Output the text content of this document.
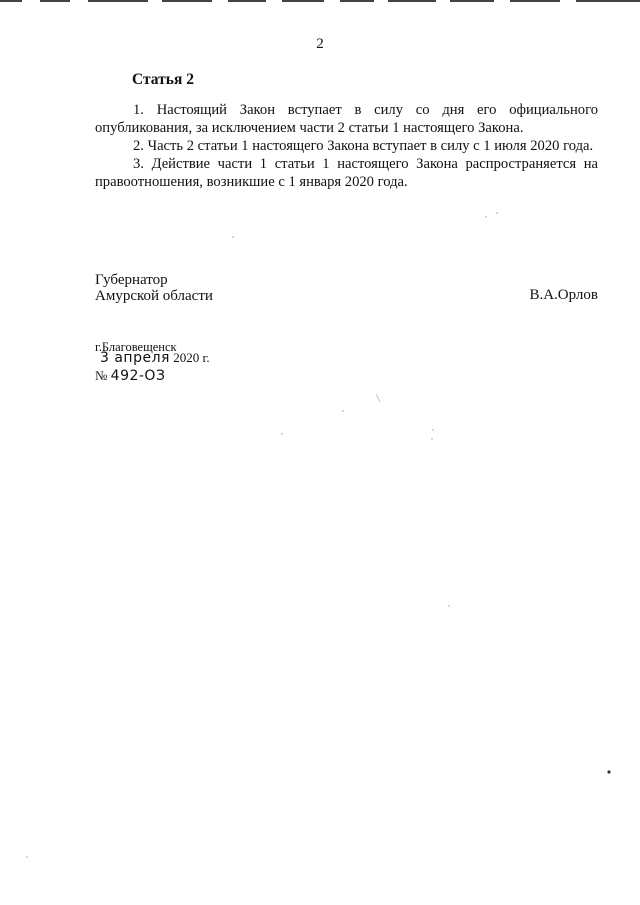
2
Статья 2

1. Настоящий Закон вступает в силу со дня его официального опубликования, за исключением части 2 статьи 1 настоящего Закона.

2. Часть 2 статьи 1 настоящего Закона вступает в силу с 1 июля 2020 года.

3. Действие части 1 статьи 1 настоящего Закона распространяется на правоотношения, возникшие с 1 января 2020 года.

Губернатор
Амурской области	В.А.Орлов
г.Благовещенск
3 апреля 2020 г.
№ 492-ОЗ
